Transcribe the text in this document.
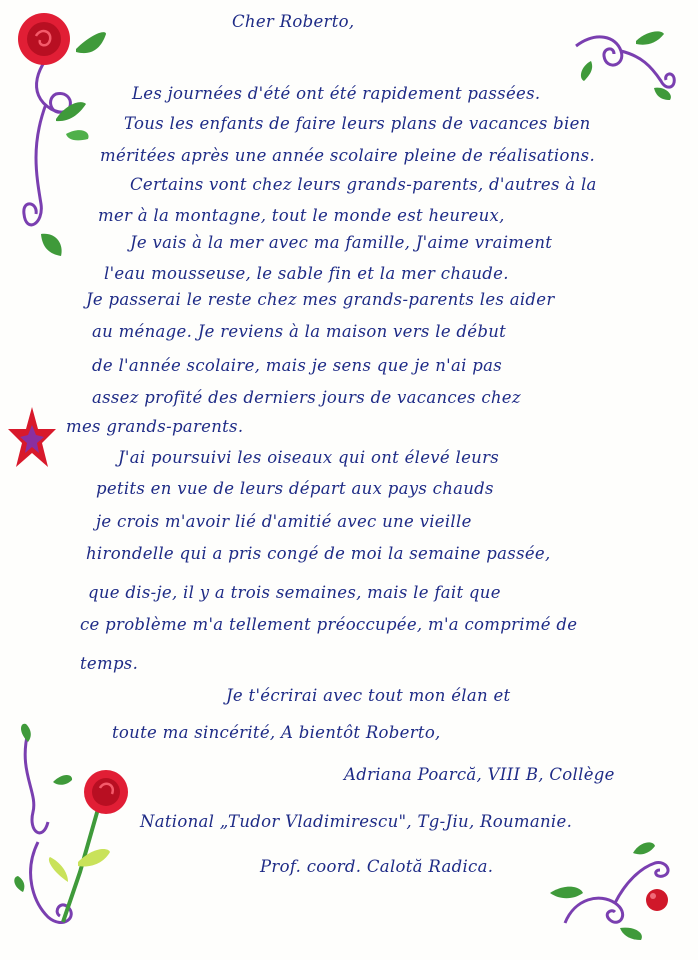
Cher Roberto,
Les journées d'été ont été rapidement passées.
Tous les enfants de faire leurs plans de vacances bien
méritées après une année scolaire pleine de réalisations.
Certains vont chez leurs grands-parents, d'autres à la
mer à la montagne, tout le monde est heureux,
Je vais à la mer avec ma famille, J'aime vraiment
l'eau mousseuse, le sable fin et la mer chaude.
Je passerai le reste chez mes grands-parents les aider
au ménage. Je reviens à la maison vers le début
de l'année scolaire, mais je sens que je n'ai pas
assez profité des derniers jours de vacances chez
mes grands-parents.
J'ai poursuivi les oiseaux qui ont élevé leurs
petits en vue de leurs départ aux pays chauds
je crois m'avoir lié d'amitié avec une vieille
hirondelle qui a pris congé de moi la semaine passée,
que dis-je, il y a trois semaines, mais le fait que
ce problème m'a tellement préoccupée, m'a comprimé de
temps.
Je t'écrirai avec tout mon élan et
toute ma sincérité, A bientôt Roberto,
Adriana Poarcă, VIII B, Collège
National „Tudor Vladimirescu", Tg-Jiu, Roumanie.
Prof. coord. Calotă Radica.
